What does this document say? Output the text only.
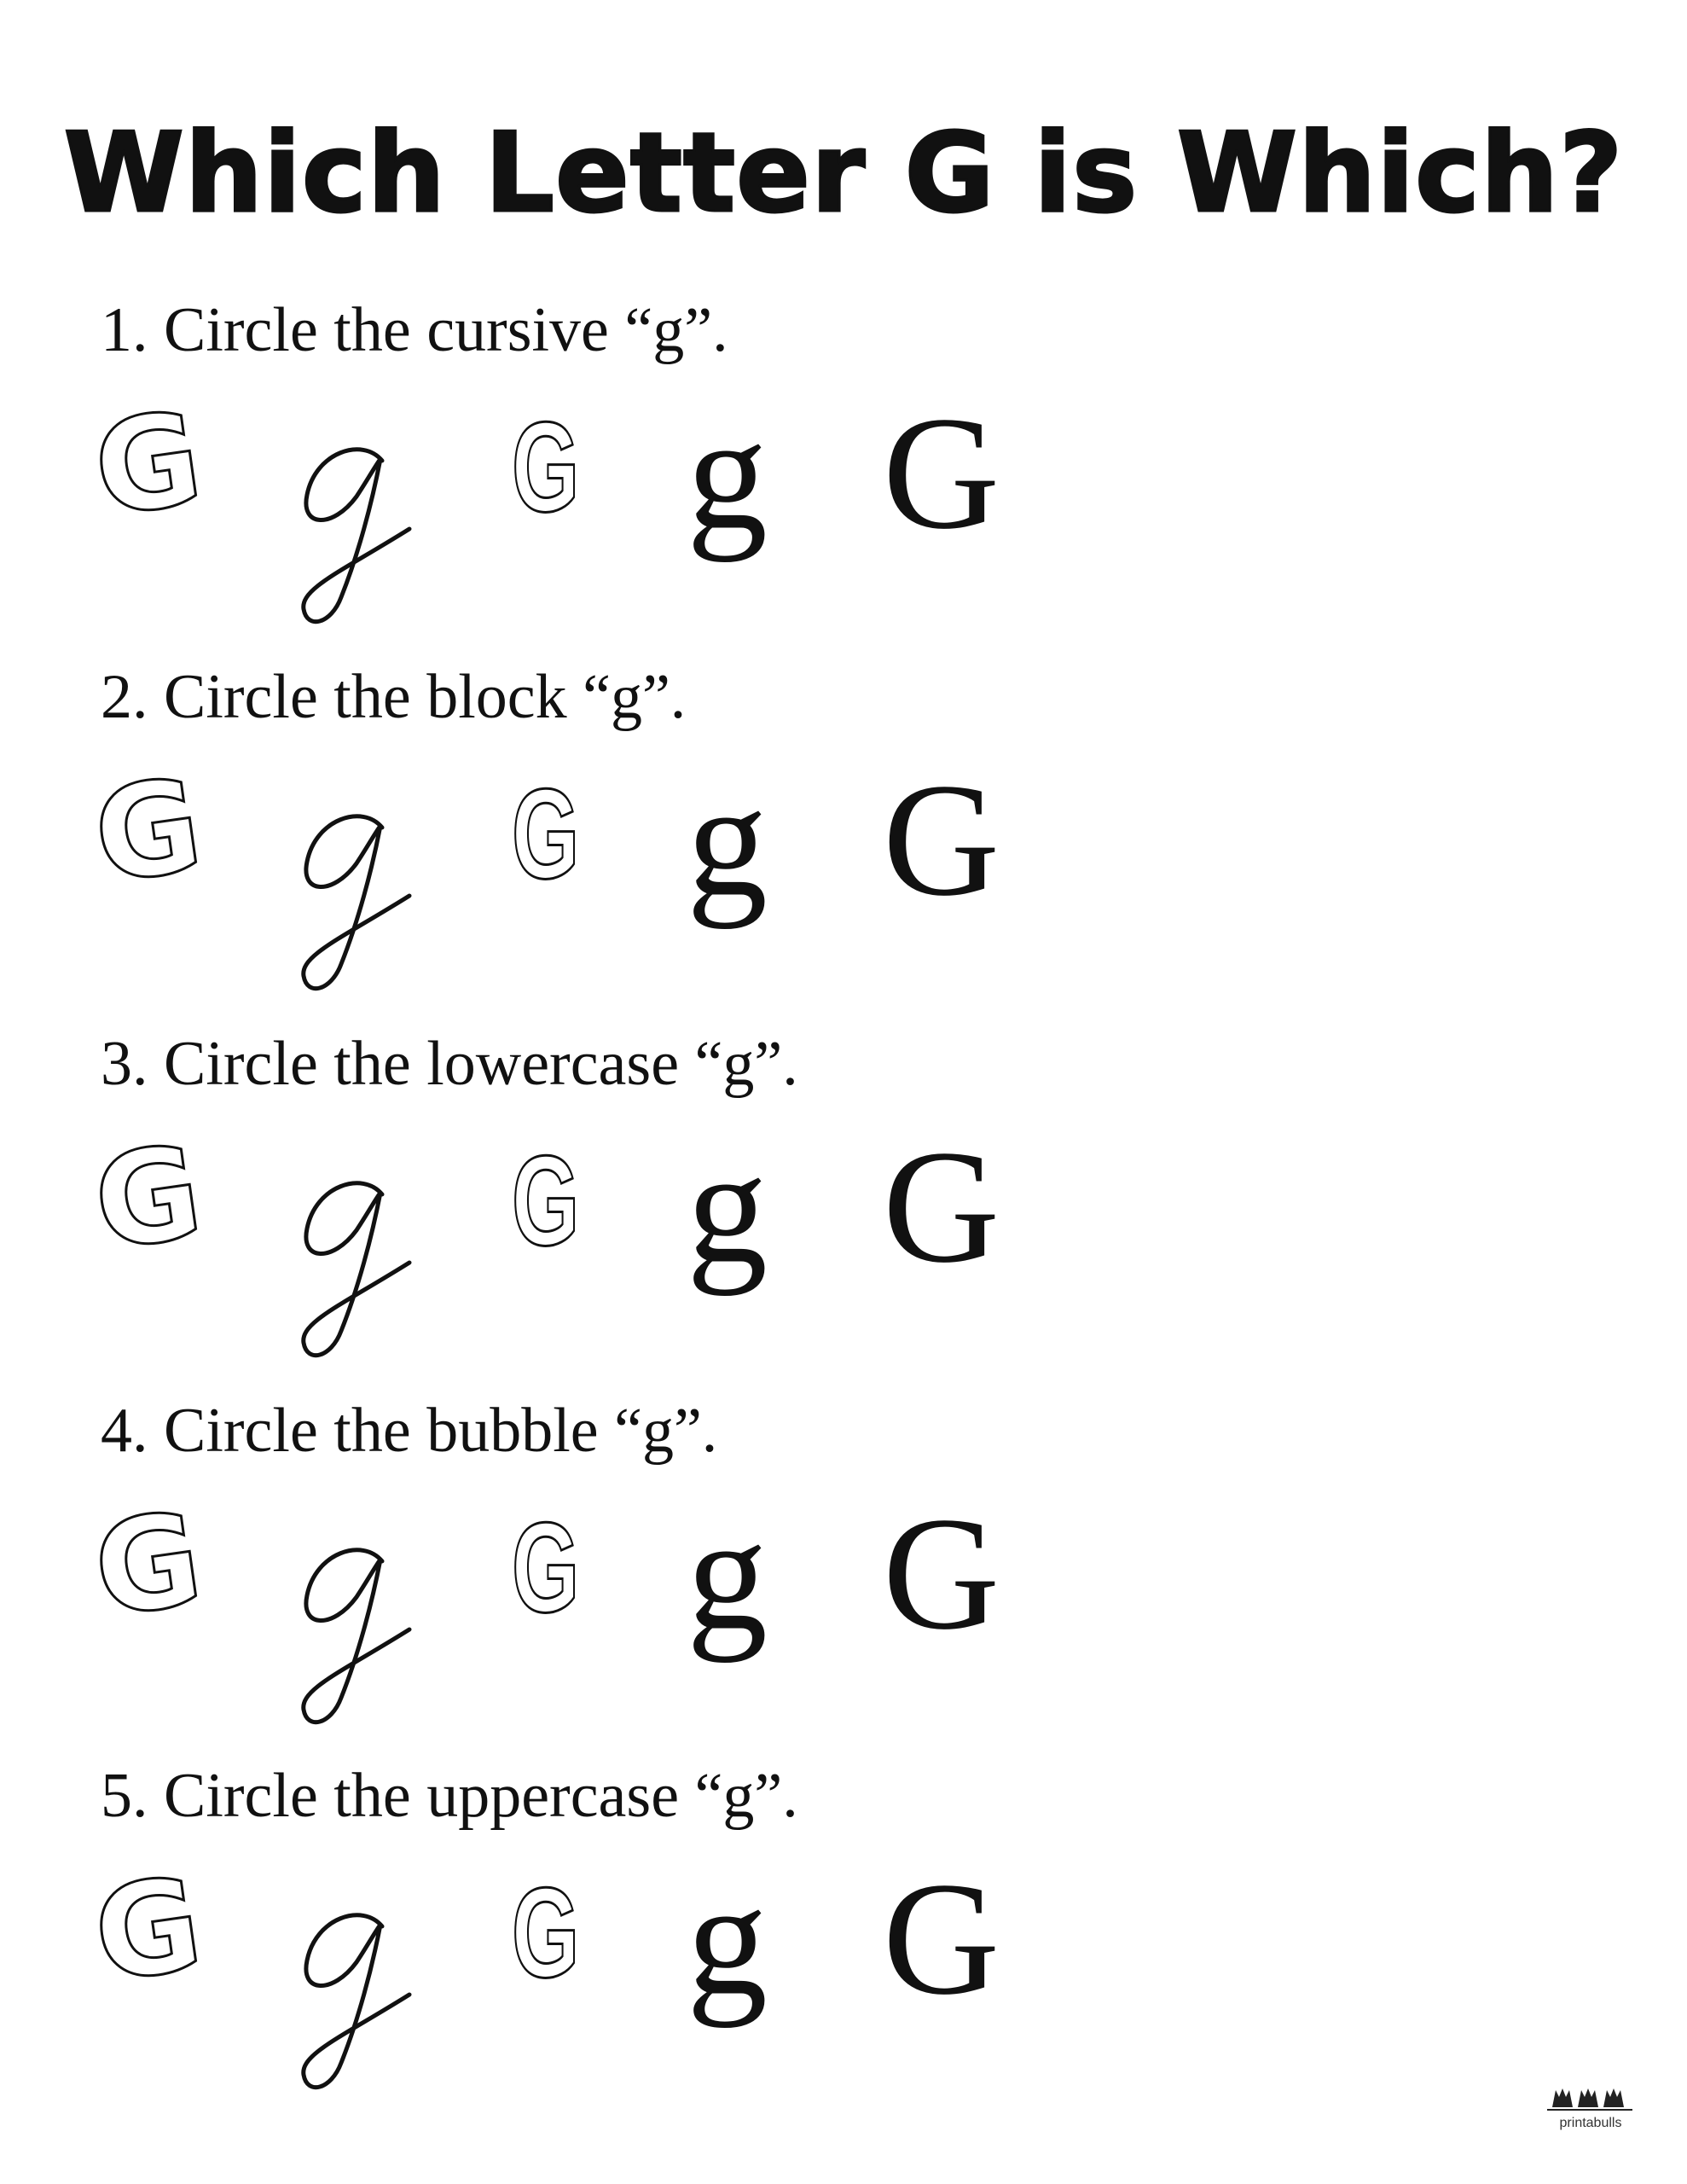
Which Letter G is Which?
1. Circle the cursive “g”.
G G g G
2. Circle the block “g”.
G G g G
3. Circle the lowercase “g”.
G G g G
4. Circle the bubble “g”.
G G g G
5. Circle the uppercase “g”.
G G g G
printabulls
